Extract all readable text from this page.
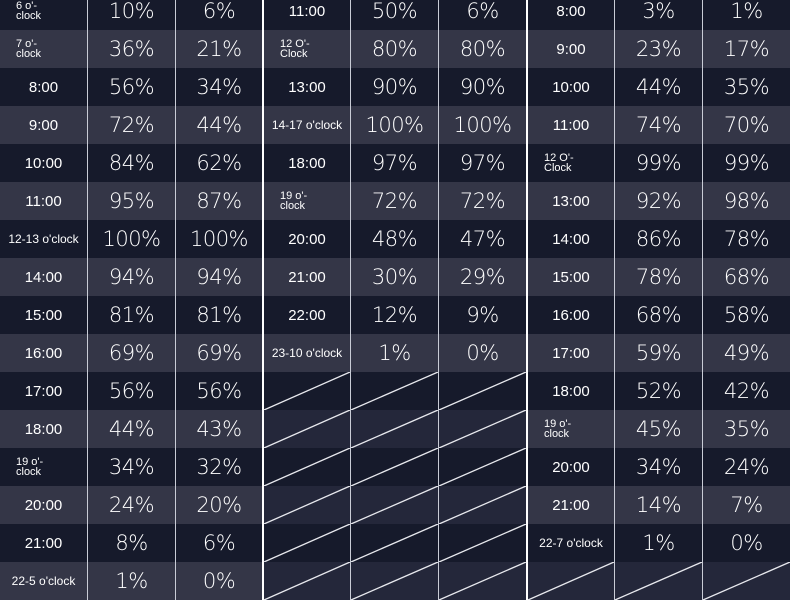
6 o'-
clock	10%	6%
7 o'-
clock	36%	21%
8:00	56%	34%
9:00	72%	44%
10:00	84%	62%
11:00	95%	87%
12-13 o'clock	100%	100%
14:00	94%	94%
15:00	81%	81%
16:00	69%	69%
17:00	56%	56%
18:00	44%	43%
19 o'-
clock	34%	32%
20:00	24%	20%
21:00	8%	6%
22-5 o'clock	1%	0%
11:00	50%	6%
12 O'-
Clock	80%	80%
13:00	90%	90%
14-17 o'clock	100%	100%
18:00	97%	97%
19 o'-
clock	72%	72%
20:00	48%	47%
21:00	30%	29%
22:00	12%	9%
23-10 o'clock	1%	0%
8:00	3%	1%
9:00	23%	17%
10:00	44%	35%
11:00	74%	70%
12 O'-
Clock	99%	99%
13:00	92%	98%
14:00	86%	78%
15:00	78%	68%
16:00	68%	58%
17:00	59%	49%
18:00	52%	42%
19 o'-
clock	45%	35%
20:00	34%	24%
21:00	14%	7%
22-7 o'clock	1%	0%
